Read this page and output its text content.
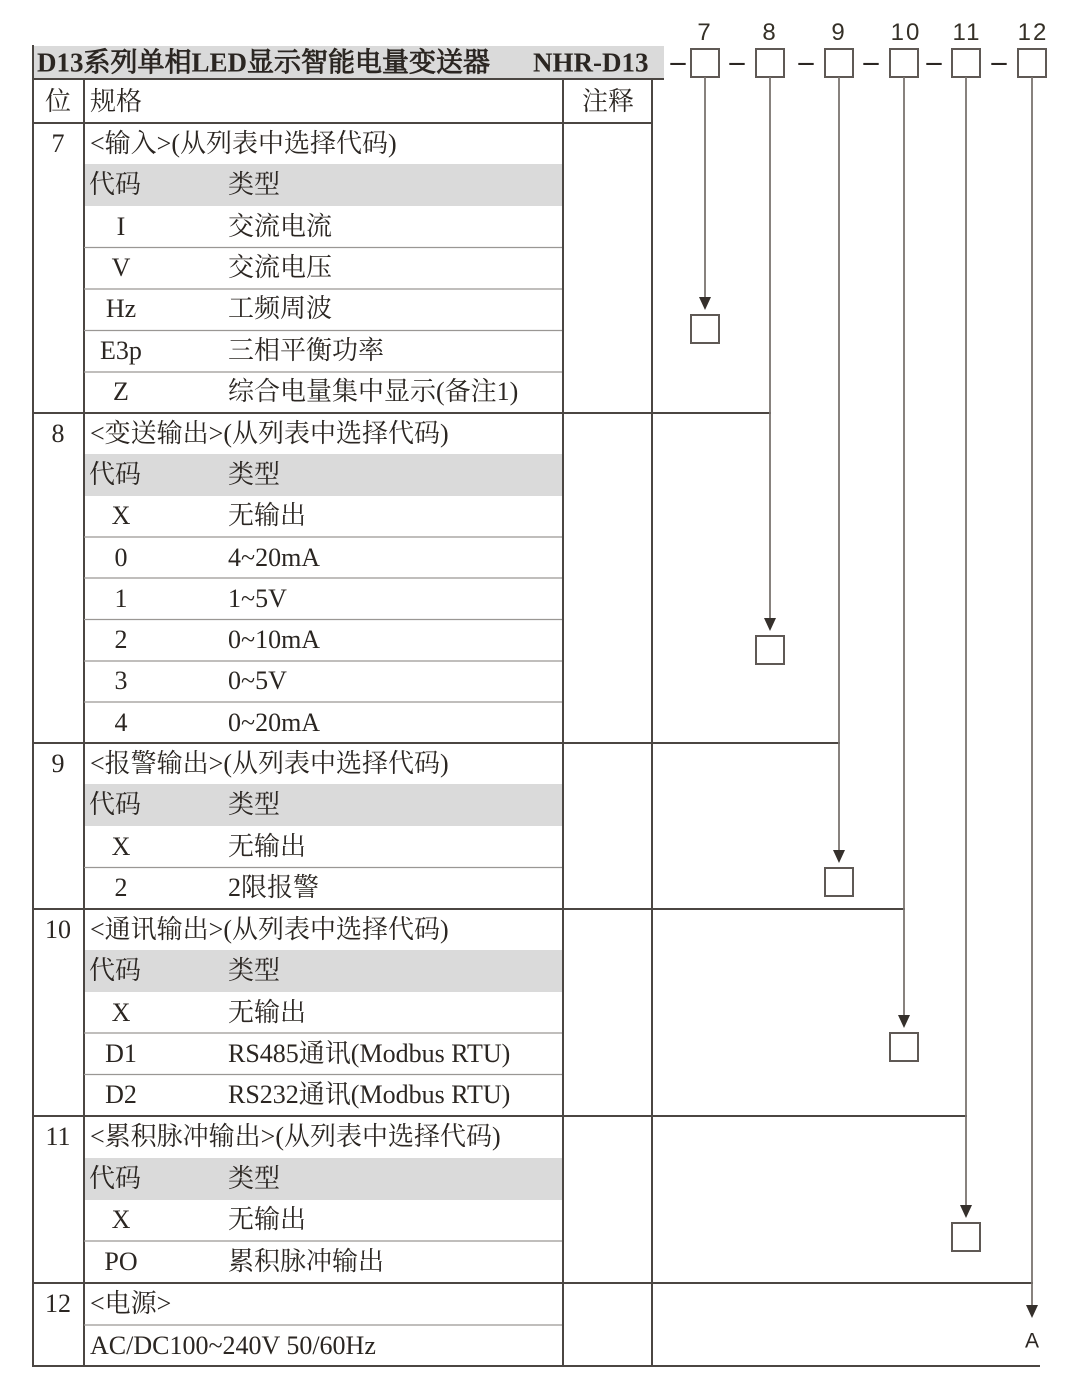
7 8 9 10 11 12
D13系列单相LED显示智能电量变送器 NHR-D13 – – – – – –
位 规格	注释
7 <输入>(从列表中选择代码)
代码	类型
I	交流电流
V	交流电压
Hz	工频周波
E3p	三相平衡功率
Z	综合电量集中显示(备注1)
8 <变送输出>(从列表中选择代码)
代码	类型
X	无输出
0	4~20mA
1	1~5V
2	0~10mA
3	0~5V
4	0~20mA
9 <报警输出>(从列表中选择代码)
代码	类型
X	无输出
2	2限报警
10 <通讯输出>(从列表中选择代码)
代码	类型
X	无输出
D1	RS485通讯(Modbus RTU)
D2	RS232通讯(Modbus RTU)
11 <累积脉冲输出>(从列表中选择代码)
代码	类型
X	无输出
PO	累积脉冲输出
12 <电源>
AC/DC100~240V 50/60Hz	A
